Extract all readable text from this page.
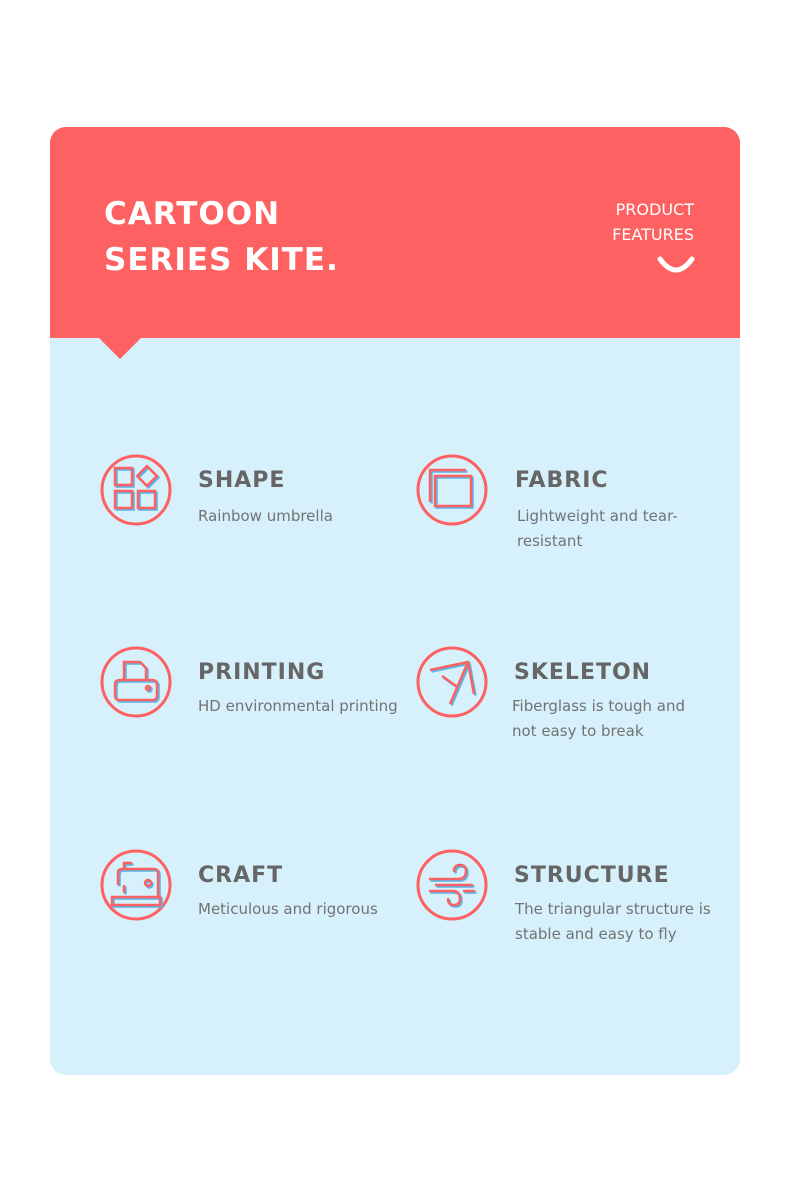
CARTOON
SERIES KITE.
PRODUCT
FEATURES
SHAPE
Rainbow umbrella
FABRIC
Lightweight and tear-resistant
PRINTING
HD environmental printing
SKELETON
Fiberglass is tough and not easy to break
CRAFT
Meticulous and rigorous
STRUCTURE
The triangular structure is stable and easy to fly
